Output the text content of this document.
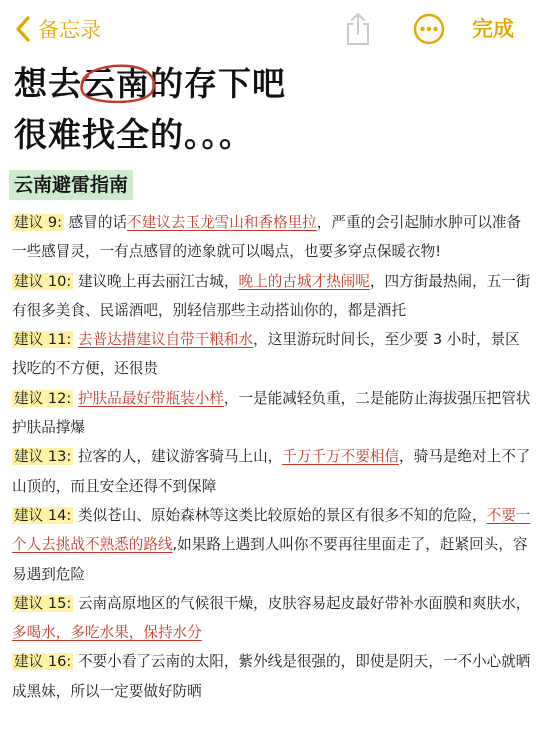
备忘录	完成
想去云南
的存下吧
很难找全的。。。
云南避雷指南

建议 9: 感冒的话不建议去玉龙雪山和香格里拉，严重的会引起肺水肿可以准备一些感冒灵，一有点感冒的迹象就可以喝点，也要多穿点保暖衣物!

建议 10: 建议晚上再去丽江古城，晚上的古城才热闹呢，四方街最热闹，五一街有很多美食、民谣酒吧，别轻信那些主动搭讪你的，都是酒托

建议 11: 去普达措建议自带干粮和水，这里游玩时间长，至少要 3 小时，景区找吃的不方便，还很贵

建议 12: 护肤品最好带瓶装小样，一是能减轻负重，二是能防止海拔强压把管状护肤品撑爆

建议 13: 拉客的人，建议游客骑马上山，千万千万不要相信，骑马是绝对上不了山顶的，而且安全还得不到保障

建议 14: 类似苍山、原始森林等这类比较原始的景区有很多不知的危险，不要一个人去挑战不熟悉的路线,如果路上遇到人叫你不要再往里面走了，赶紧回头，容易遇到危险

建议 15: 云南高原地区的气候很干燥，皮肤容易起皮最好带补水面膜和爽肤水，多喝水，多吃水果，保持水分

建议 16: 不要小看了云南的太阳，紫外线是很强的，即使是阴天，一不小心就晒成黑妹，所以一定要做好防晒
